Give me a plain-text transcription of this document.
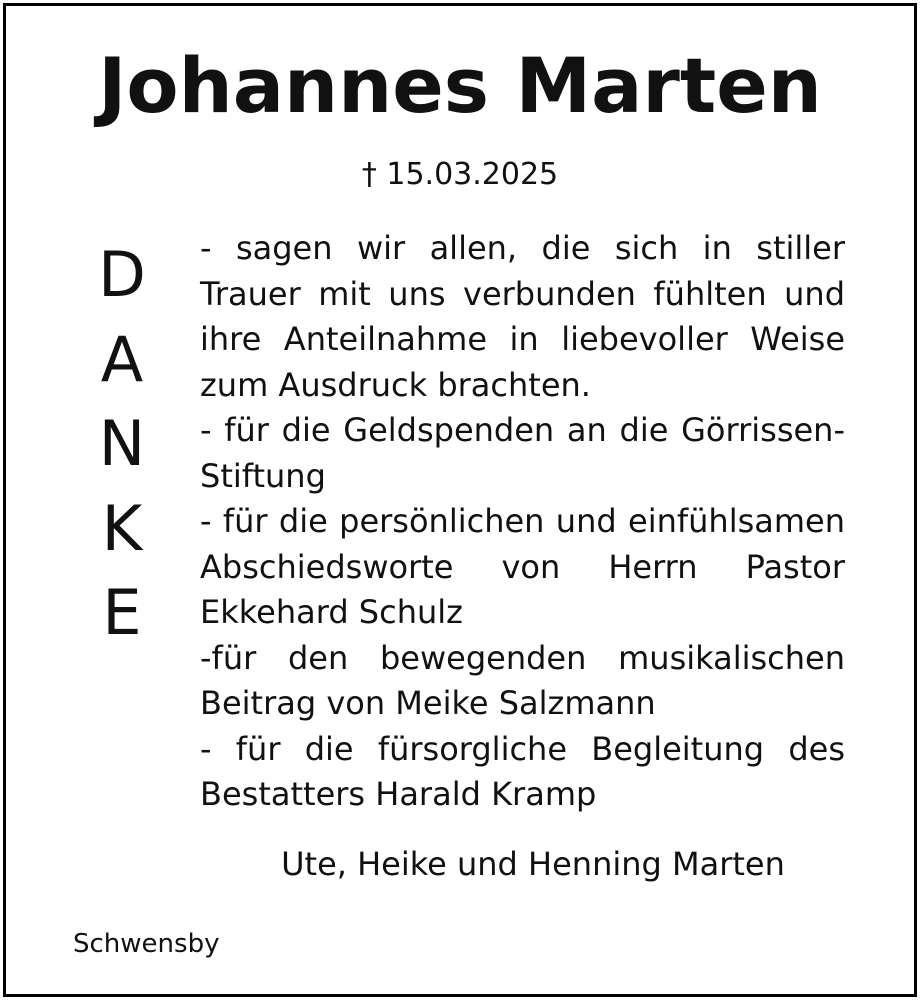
Johannes Marten
† 15.03.2025
D
A
N
K
E

- sagen wir allen, die sich in stiller Trauer mit uns verbunden fühlten und ihre Anteilnahme in liebevoller Weise zum Ausdruck brachten.

- für die Geldspenden an die Görrissen-Stiftung

- für die persönlichen und einfühlsamen Abschiedsworte von Herrn Pastor Ekkehard Schulz

-für den bewegenden musikalischen Beitrag von Meike Salzmann

- für die fürsorgliche Begleitung des Bestatters Harald Kramp

Ute, Heike und Henning Marten
Schwensby
